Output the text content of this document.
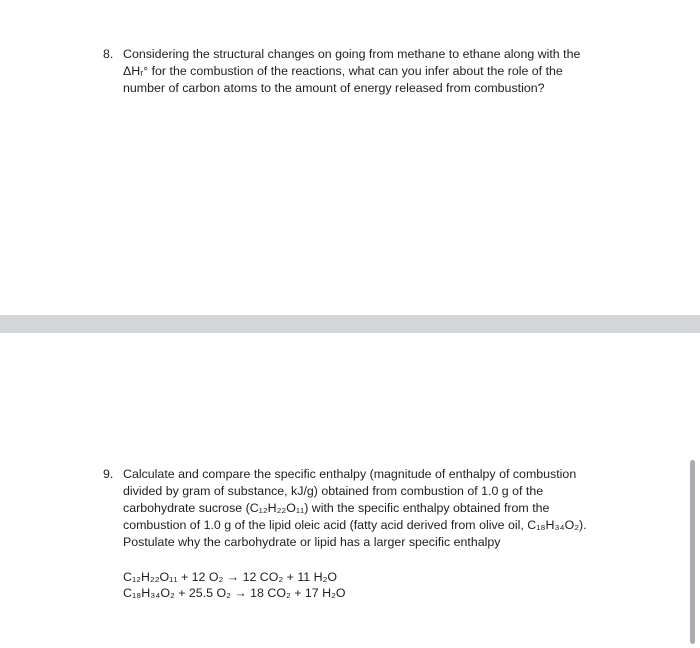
8. Considering the structural changes on going from methane to ethane along with the
ΔHᵣ° for the combustion of the reactions, what can you infer about the role of the
number of carbon atoms to the amount of energy released from combustion?
9. Calculate and compare the specific enthalpy (magnitude of enthalpy of combustion
divided by gram of substance, kJ/g) obtained from combustion of 1.0 g of the
carbohydrate sucrose (C₁₂H₂₂O₁₁) with the specific enthalpy obtained from the
combustion of 1.0 g of the lipid oleic acid (fatty acid derived from olive oil, C₁₈H₃₄O₂).
Postulate why the carbohydrate or lipid has a larger specific enthalpy
C₁₂H₂₂O₁₁ + 12 O₂ → 12 CO₂ + 11 H₂O
C₁₈H₃₄O₂ + 25.5 O₂ → 18 CO₂ + 17 H₂O
